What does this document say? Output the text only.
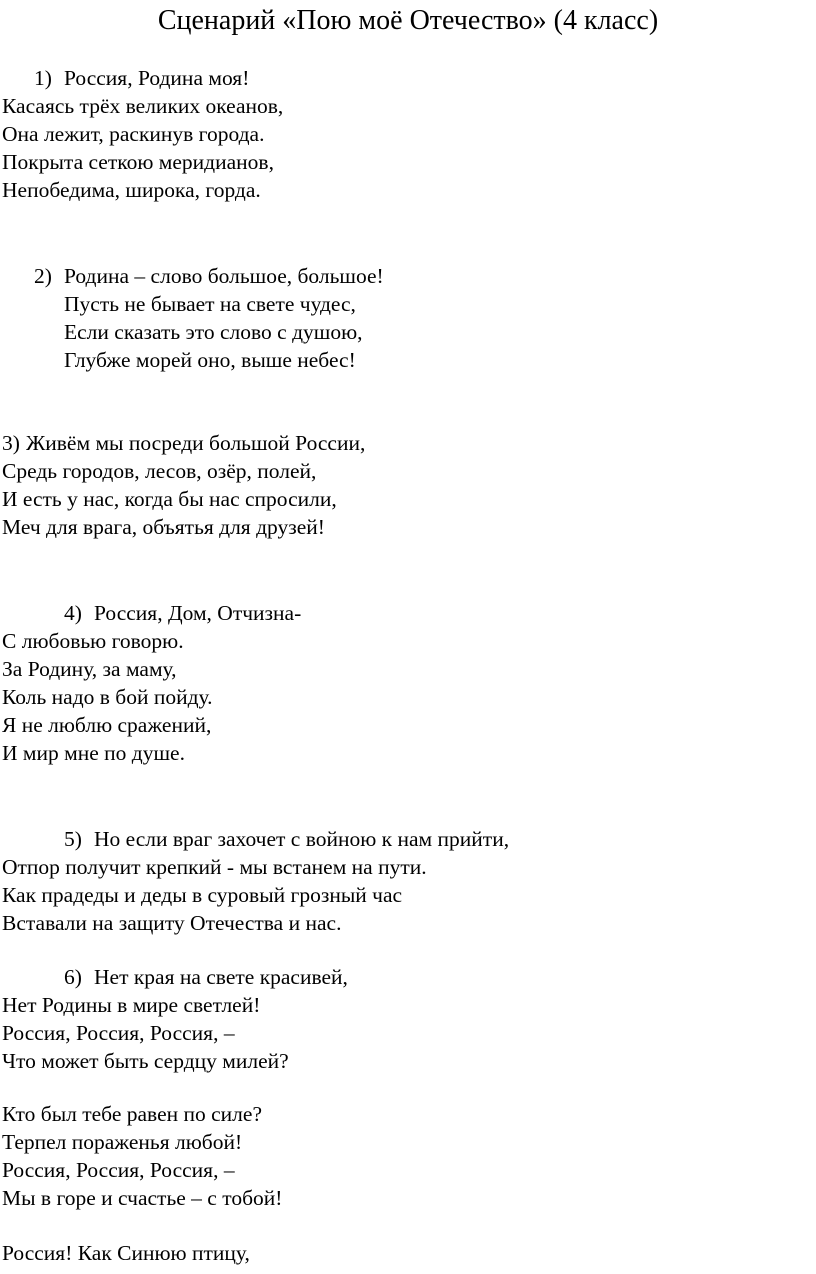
Сценарий «Пою моё Отечество» (4 класс)
1) Россия, Родина моя!
Касаясь трёх великих океанов,
Она лежит, раскинув города.
Покрыта сеткою меридианов,
Непобедима, широка, горда.
2) Родина – слово большое, большое!
Пусть не бывает на свете чудес,
Если сказать это слово с душою,
Глубже морей оно, выше небес!
3) Живём мы посреди большой России,
Средь городов, лесов, озёр, полей,
И есть у нас, когда бы нас спросили,
Меч для врага, объятья для друзей!
4) Россия, Дом, Отчизна-
С любовью говорю.
За Родину, за маму,
Коль надо в бой пойду.
Я не люблю сражений,
И мир мне по душе.
5) Но если враг захочет с войною к нам прийти,
Отпор получит крепкий - мы встанем на пути.
Как прадеды и деды в суровый грозный час
Вставали на защиту Отечества и нас.
6) Нет края на свете красивей,
Нет Родины в мире светлей!
Россия, Россия, Россия, –
Что может быть сердцу милей?
Кто был тебе равен по силе?
Терпел пораженья любой!
Россия, Россия, Россия, –
Мы в горе и счастье – с тобой!
Россия! Как Синюю птицу,
